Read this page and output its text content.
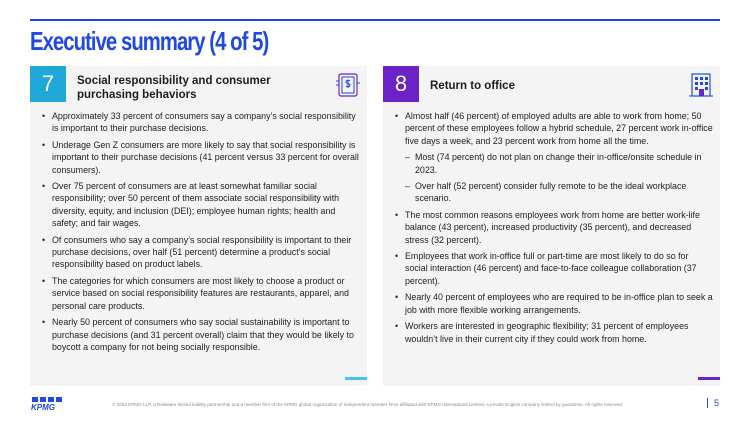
Executive summary (4 of 5)
7	Social responsibility and consumer purchasing behaviors
• Approximately 33 percent of consumers say a company’s social responsibility is important to their purchase decisions.
• Underage Gen Z consumers are more likely to say that social responsibility is important to their purchase decisions (41 percent versus 33 percent for overall consumers).
• Over 75 percent of consumers are at least somewhat familiar social responsibility; over 50 percent of them associate social responsibility with diversity, equity, and inclusion (DEI); employee human rights; health and safety; and fair wages.
• Of consumers who say a company’s social responsibility is important to their purchase decisions, over half (51 percent) determine a product’s social responsibility based on product labels.
• The categories for which consumers are most likely to choose a product or service based on social responsibility features are restaurants, apparel, and personal care products.
• Nearly 50 percent of consumers who say social sustainability is important to purchase decisions (and 31 percent overall) claim that they would be likely to boycott a company for not being socially responsible.
8	Return to office
• Almost half (46 percent) of employed adults are able to work from home; 50 percent of these employees follow a hybrid schedule, 27 percent work in-office five days a week, and 23 percent work from home all the time.
– Most (74 percent) do not plan on change their in-office/onsite schedule in 2023.
– Over half (52 percent) consider fully remote to be the ideal workplace scenario.
• The most common reasons employees work from home are better work-life balance (43 percent), increased productivity (35 percent), and decreased stress (32 percent).
• Employees that work in-office full or part-time are most likely to do so for social interaction (46 percent) and face-to-face colleague collaboration (37 percent).
• Nearly 40 percent of employees who are required to be in-office plan to seek a job with more flexible working arrangements.
• Workers are interested in geographic flexibility; 31 percent of employees wouldn’t live in their current city if they could work from home.
KPMG	© 2023 KPMG LLP, a Delaware limited liability partnership and a member firm of the KPMG global organization of independent member firms affiliated with KPMG International Limited, a private English company limited by guarantee. All rights reserved.	5
